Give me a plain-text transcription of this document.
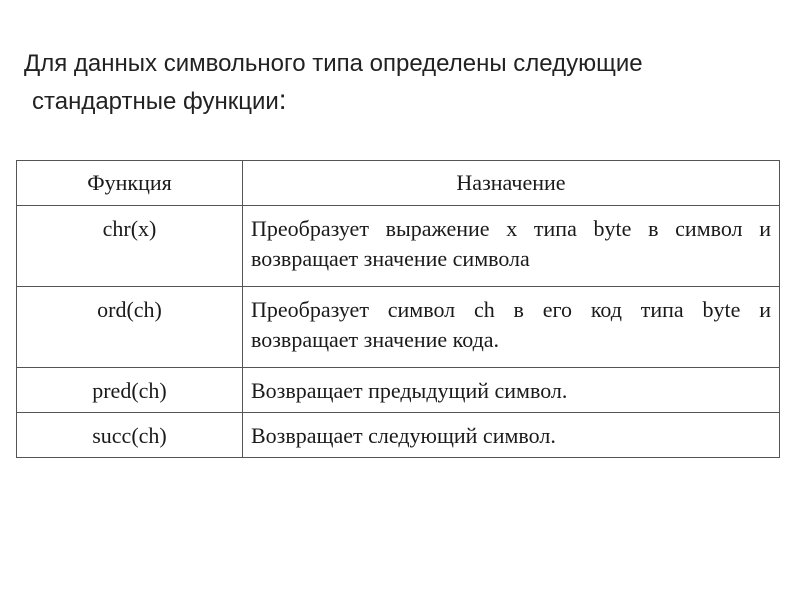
Для данных символьного типа определены следующие
стандартные функции:
Функция	Назначение
chr(x)	Преобразует выражение x типа byte в символ и возвращает значение символа
ord(ch)	Преобразует символ ch в его код типа byte и возвращает значение кода.
pred(ch)	Возвращает предыдущий символ.
succ(ch)	Возвращает следующий символ.
